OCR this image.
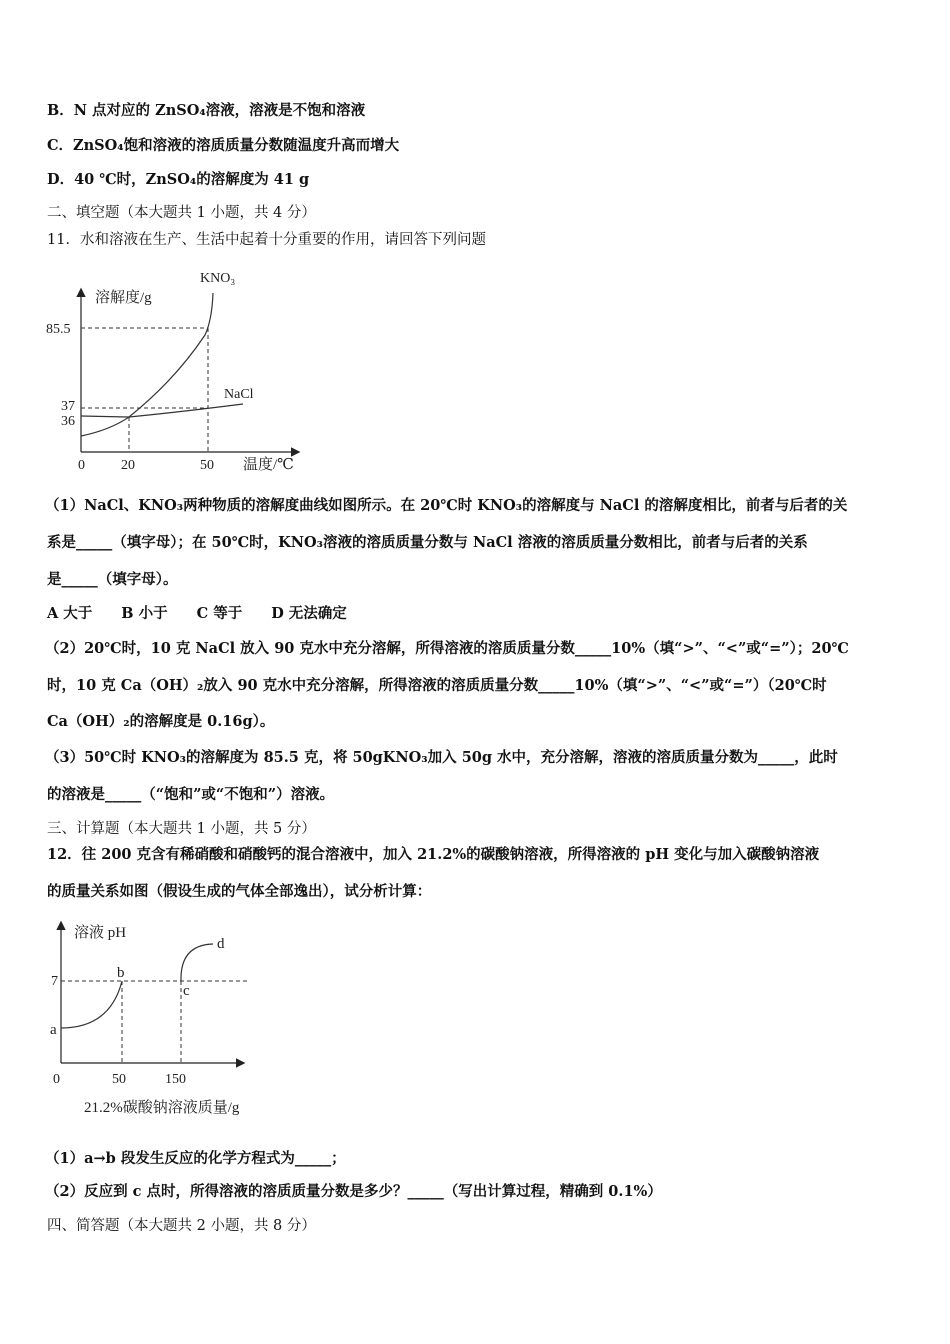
B．N 点对应的 ZnSO₄溶液，溶液是不饱和溶液
C．ZnSO₄饱和溶液的溶质质量分数随温度升高而增大
D．40 ℃时，ZnSO₄的溶解度为 41 g
二、填空题（本大题共 1 小题，共 4 分）
11．水和溶液在生产、生活中起着十分重要的作用，请回答下列问题
溶解度/g
温度/℃
KNO₃
NaCl
85.5
37
36
0	20	50
溶液 pH
21.2%碳酸钠溶液质量/g
7
0	50	150
a
b
c
d
（1）NaCl、KNO₃两种物质的溶解度曲线如图所示。在 20℃时 KNO₃的溶解度与 NaCl 的溶解度相比，前者与后者的关
系是_____（填字母）；在 50℃时，KNO₃溶液的溶质质量分数与 NaCl 溶液的溶质质量分数相比，前者与后者的关系
是_____（填字母）。
A 大于　　B 小于　　C 等于　　D 无法确定
（2）20℃时，10 克 NaCl 放入 90 克水中充分溶解，所得溶液的溶质质量分数_____10%（填“>”、“<”或“=”）；20℃
时，10 克 Ca（OH）₂放入 90 克水中充分溶解，所得溶液的溶质质量分数_____10%（填“>”、“<”或“=”）（20℃时
Ca（OH）₂的溶解度是 0.16g）。
（3）50℃时 KNO₃的溶解度为 85.5 克，将 50gKNO₃加入 50g 水中，充分溶解，溶液的溶质质量分数为_____，此时
的溶液是_____（“饱和”或“不饱和”）溶液。
三、计算题（本大题共 1 小题，共 5 分）
12．往 200 克含有稀硝酸和硝酸钙的混合溶液中，加入 21.2%的碳酸钠溶液，所得溶液的 pH 变化与加入碳酸钠溶液
的质量关系如图（假设生成的气体全部逸出），试分析计算：
（1）a→b 段发生反应的化学方程式为_____；
（2）反应到 c 点时，所得溶液的溶质质量分数是多少？_____（写出计算过程，精确到 0.1%）
四、简答题（本大题共 2 小题，共 8 分）
